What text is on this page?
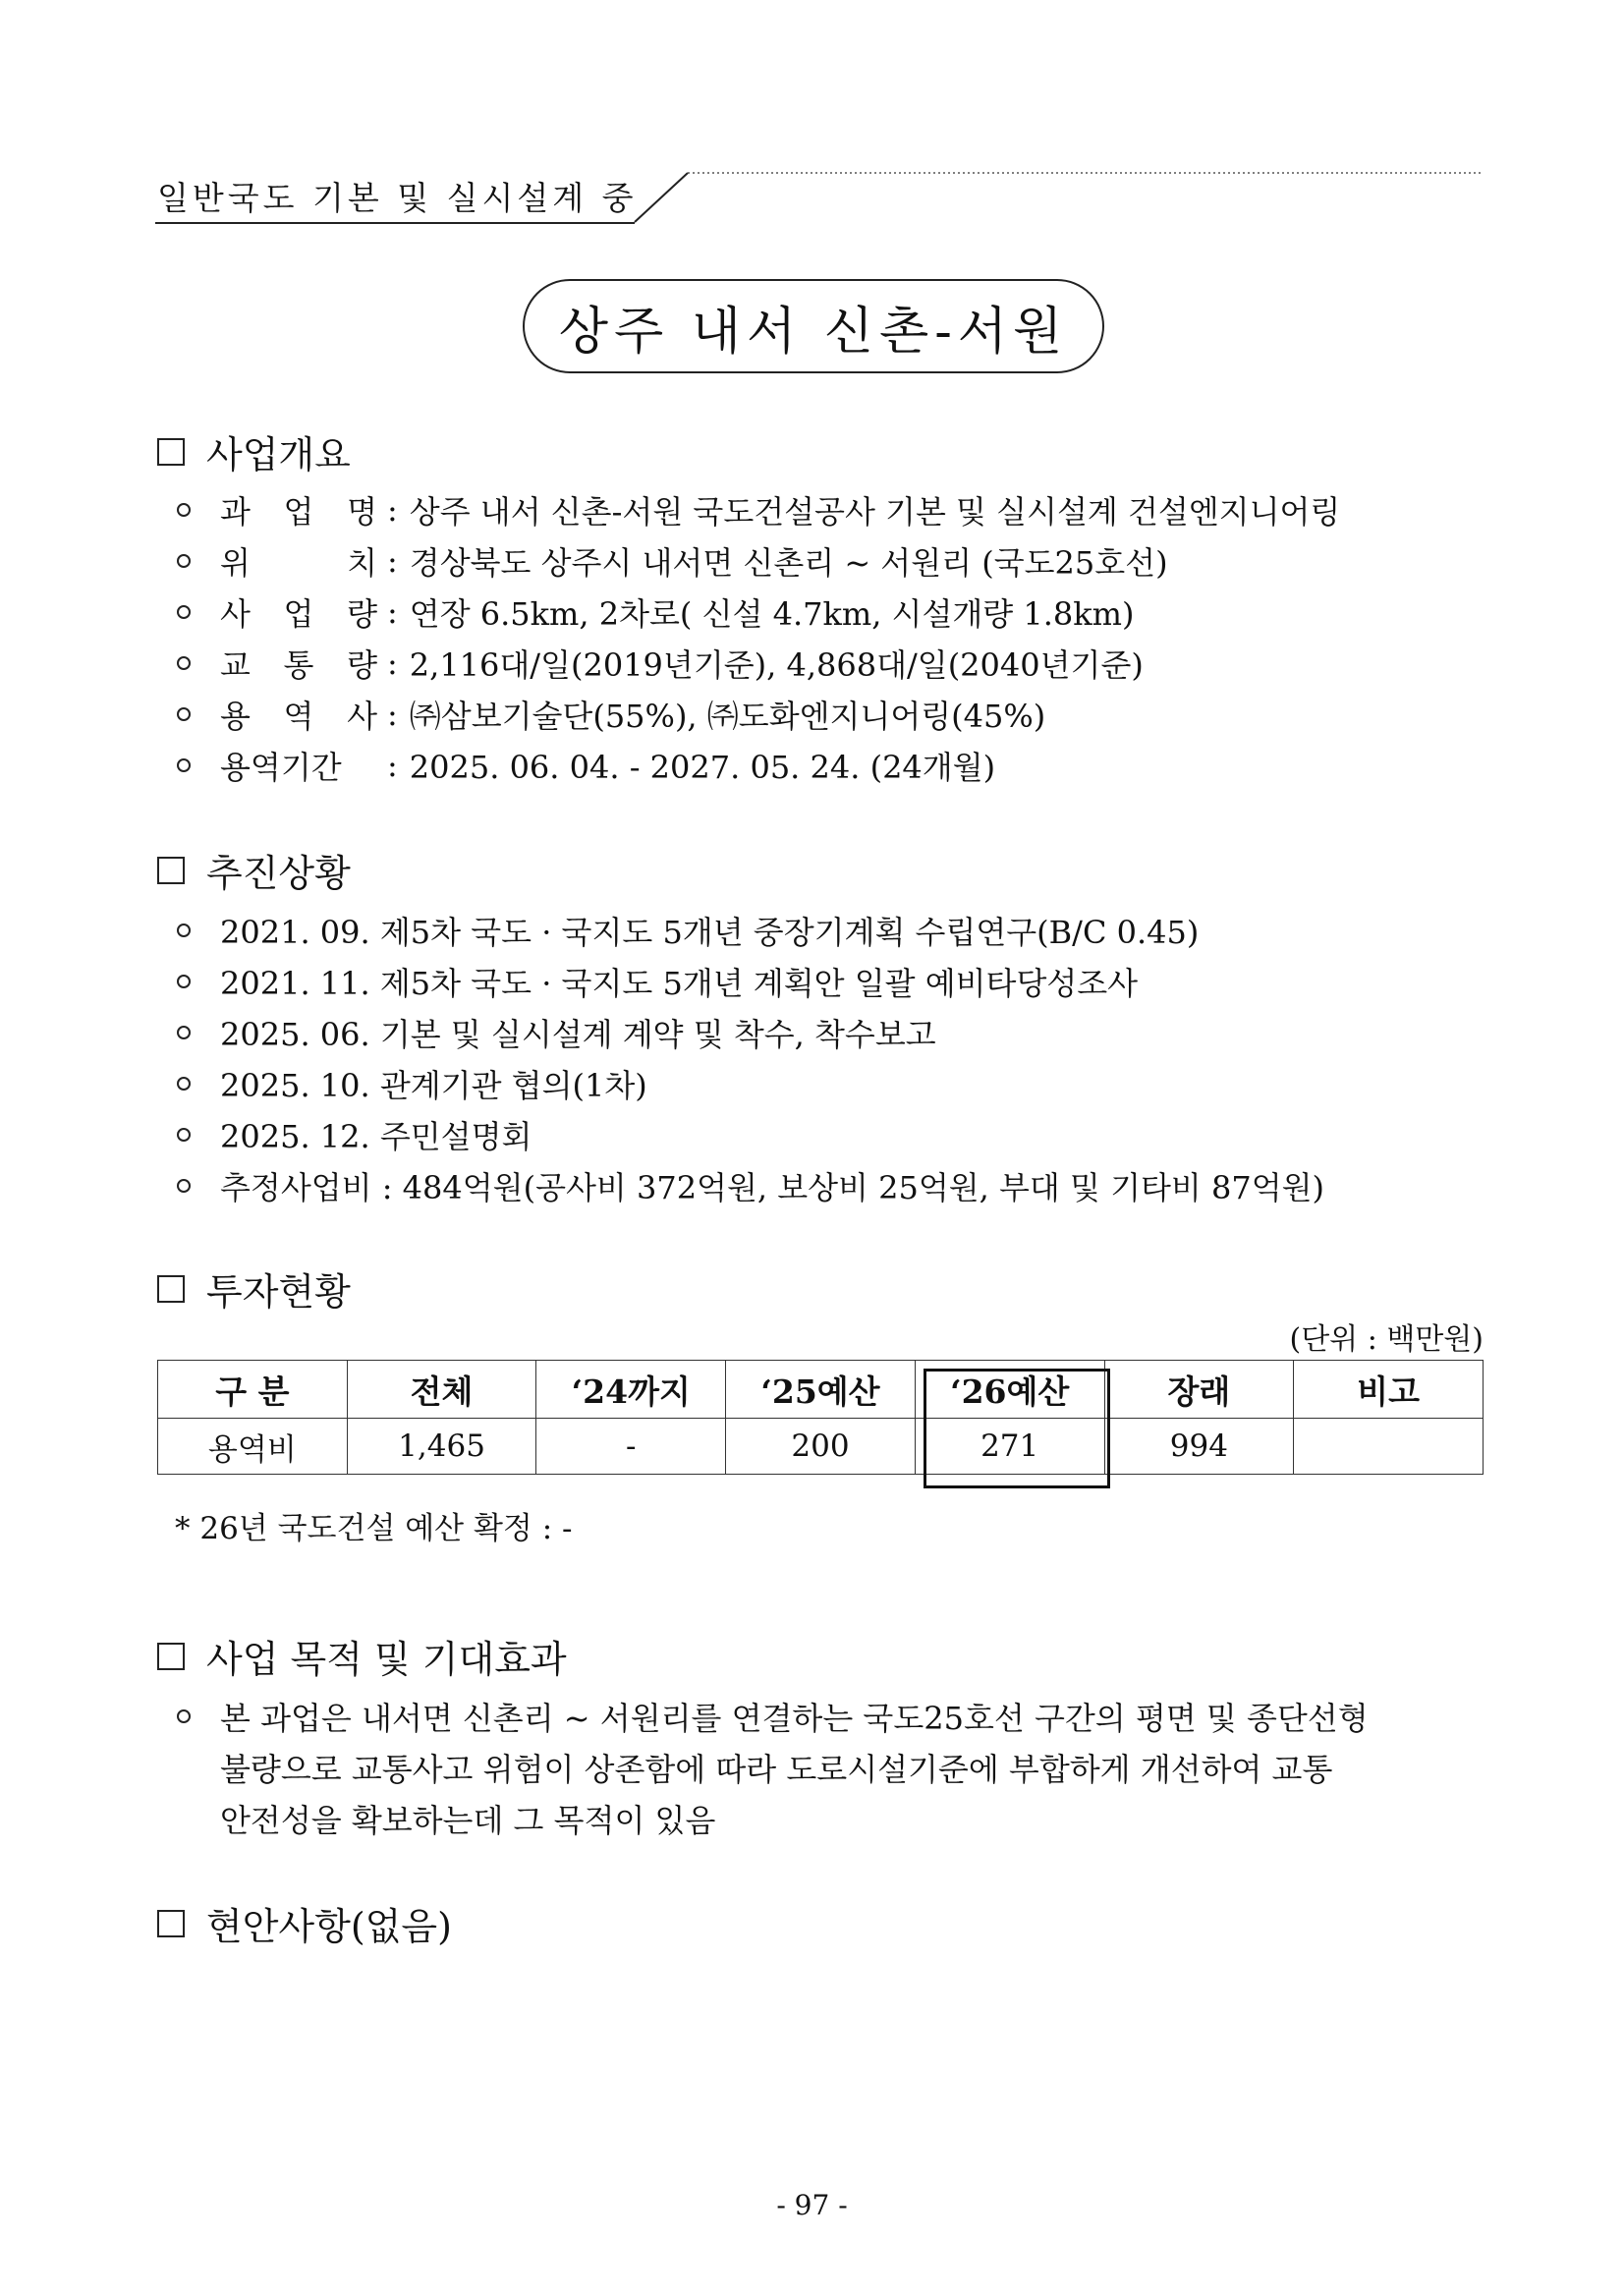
일반국도 기본 및 실시설계 중
상주 내서 신촌-서원
사업개요
과 업 명 : 상주 내서 신촌-서원 국도건설공사 기본 및 실시설계 건설엔지니어링
위 치 : 경상북도 상주시 내서면 신촌리 ~ 서원리 (국도25호선)
사 업 량 : 연장 6.5km, 2차로( 신설 4.7km, 시설개량 1.8km)
교 통 량 : 2,116대/일(2019년기준), 4,868대/일(2040년기준)
용 역 사 : ㈜삼보기술단(55%), ㈜도화엔지니어링(45%)
용역기간	: 2025. 06. 04. - 2027. 05. 24. (24개월)
추진상황
2021. 09. 제5차 국도 · 국지도 5개년 중장기계획 수립연구(B/C 0.45)
2021. 11. 제5차 국도 · 국지도 5개년 계획안 일괄 예비타당성조사
2025. 06. 기본 및 실시설계 계약 및 착수, 착수보고
2025. 10. 관계기관 협의(1차)
2025. 12. 주민설명회
추정사업비 : 484억원(공사비 372억원, 보상비 25억원, 부대 및 기타비 87억원)
투자현황
(단위 : 백만원)
구 분	전체	‘24까지	‘25예산	‘26예산	장래	비고
용역비	1,465	-	200	271	994	
* 26년 국도건설 예산 확정 : -
사업 목적 및 기대효과
본 과업은 내서면 신촌리 ~ 서원리를 연결하는 국도25호선 구간의 평면 및 종단선형
불량으로 교통사고 위험이 상존함에 따라 도로시설기준에 부합하게 개선하여 교통
안전성을 확보하는데 그 목적이 있음
현안사항(없음)
- 97 -
